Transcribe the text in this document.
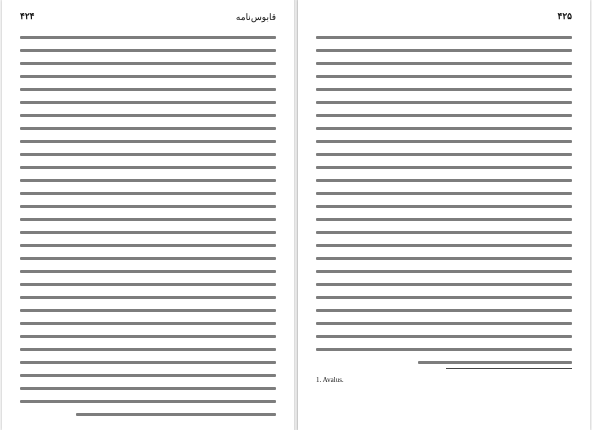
۴۲۴	قابوس‌نامه	۴۲۵
1. Avalus.
